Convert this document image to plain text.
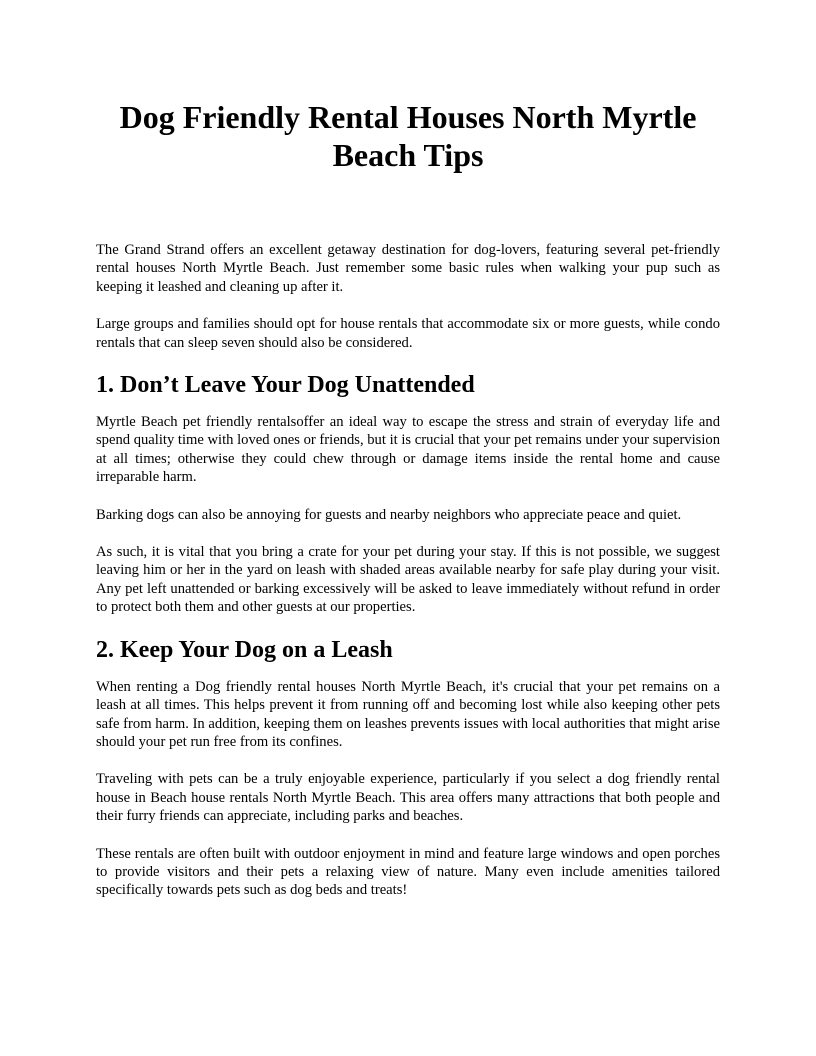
Dog Friendly Rental Houses North Myrtle Beach Tips

The Grand Strand offers an excellent getaway destination for dog-lovers, featuring several pet-friendly rental houses North Myrtle Beach. Just remember some basic rules when walking your pup such as keeping it leashed and cleaning up after it.

Large groups and families should opt for house rentals that accommodate six or more guests, while condo rentals that can sleep seven should also be considered.

1. Don’t Leave Your Dog Unattended

Myrtle Beach pet friendly rentalsoffer an ideal way to escape the stress and strain of everyday life and spend quality time with loved ones or friends, but it is crucial that your pet remains under your supervision at all times; otherwise they could chew through or damage items inside the rental home and cause irreparable harm.

Barking dogs can also be annoying for guests and nearby neighbors who appreciate peace and quiet.

As such, it is vital that you bring a crate for your pet during your stay. If this is not possible, we suggest leaving him or her in the yard on leash with shaded areas available nearby for safe play during your visit. Any pet left unattended or barking excessively will be asked to leave immediately without refund in order to protect both them and other guests at our properties.

2. Keep Your Dog on a Leash

When renting a Dog friendly rental houses North Myrtle Beach, it's crucial that your pet remains on a leash at all times. This helps prevent it from running off and becoming lost while also keeping other pets safe from harm. In addition, keeping them on leashes prevents issues with local authorities that might arise should your pet run free from its confines.

Traveling with pets can be a truly enjoyable experience, particularly if you select a dog friendly rental house in Beach house rentals North Myrtle Beach. This area offers many attractions that both people and their furry friends can appreciate, including parks and beaches.

These rentals are often built with outdoor enjoyment in mind and feature large windows and open porches to provide visitors and their pets a relaxing view of nature. Many even include amenities tailored specifically towards pets such as dog beds and treats!
